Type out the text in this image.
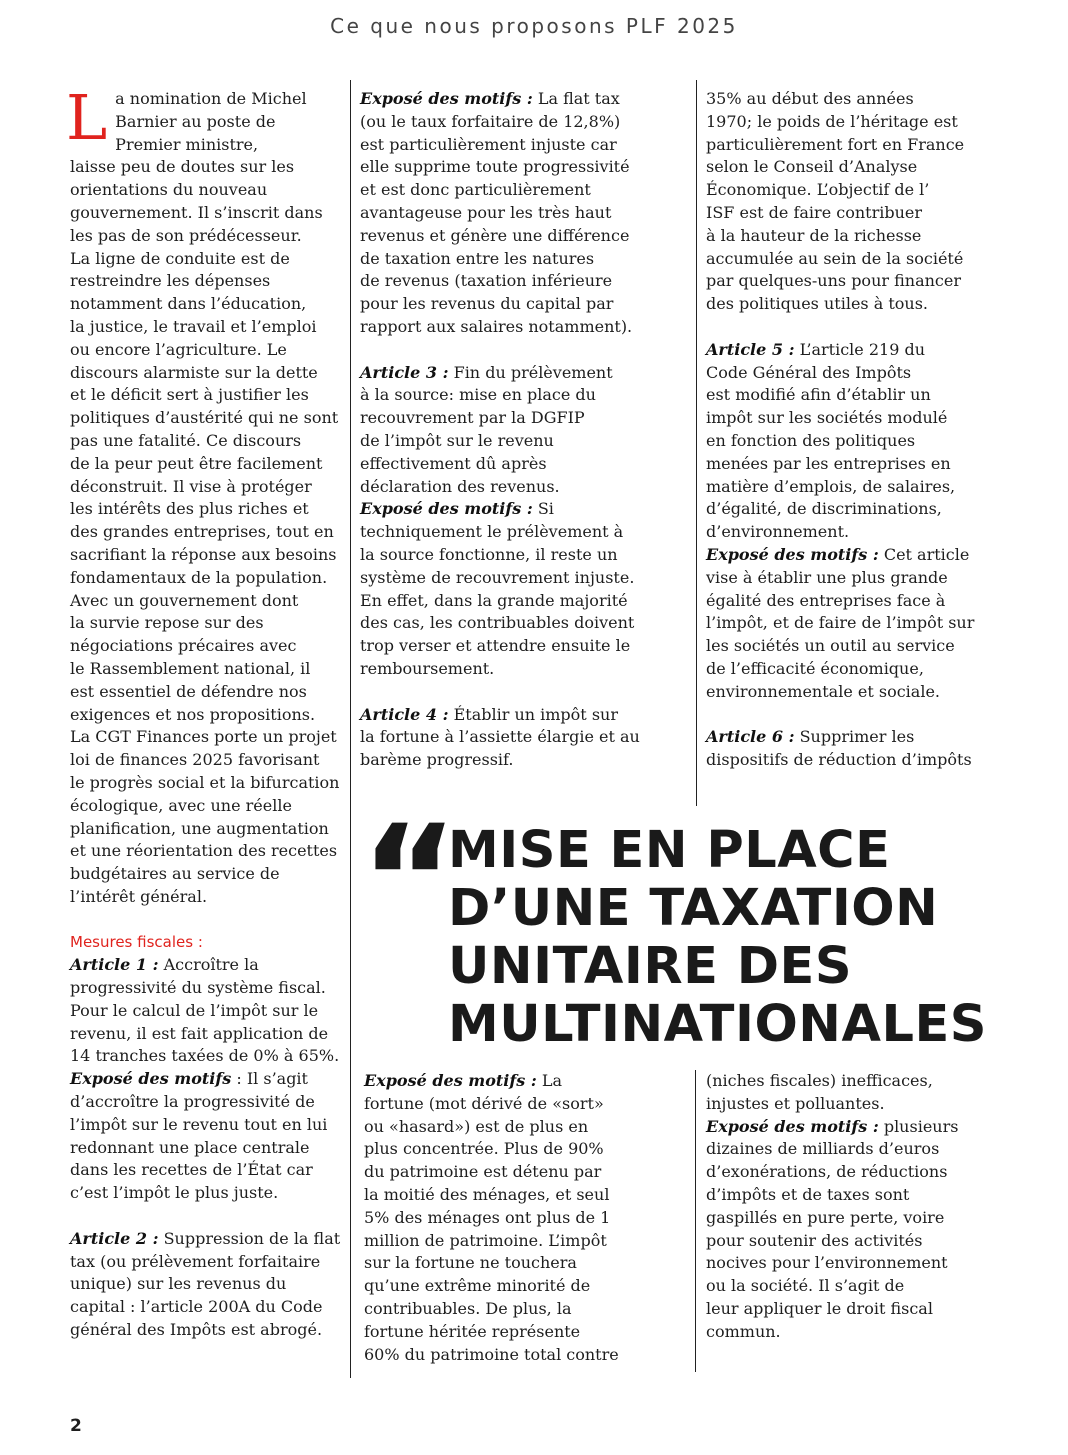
Ce que nous proposons PLF 2025
L a nomination de Michel

Barnier au poste de

Premier ministre,

laisse peu de doutes sur les

orientations du nouveau

gouvernement. Il s’inscrit dans

les pas de son prédécesseur.

La ligne de conduite est de

restreindre les dépenses

notamment dans l’éducation,

la justice, le travail et l’emploi

ou encore l’agriculture. Le

discours alarmiste sur la dette

et le déficit sert à justifier les

politiques d’austérité qui ne sont

pas une fatalité. Ce discours

de la peur peut être facilement

déconstruit. Il vise à protéger

les intérêts des plus riches et

des grandes entreprises, tout en

sacrifiant la réponse aux besoins

fondamentaux de la population.

Avec un gouvernement dont

la survie repose sur des

négociations précaires avec

le Rassemblement national, il

est essentiel de défendre nos

exigences et nos propositions.

La CGT Finances porte un projet

loi de finances 2025 favorisant

le progrès social et la bifurcation

écologique, avec une réelle

planification, une augmentation

et une réorientation des recettes

budgétaires au service de

l’intérêt général.

Mesures fiscales :

Article 1 : Accroître la

progressivité du système fiscal.

Pour le calcul de l’impôt sur le

revenu, il est fait application de

14 tranches taxées de 0% à 65%.

Exposé des motifs : Il s’agit

d’accroître la progressivité de

l’impôt sur le revenu tout en lui

redonnant une place centrale

dans les recettes de l’État car

c’est l’impôt le plus juste.

Article 2 : Suppression de la flat

tax (ou prélèvement forfaitaire

unique) sur les revenus du

capital : l’article 200A du Code

général des Impôts est abrogé.

Exposé des motifs : La flat tax

(ou le taux forfaitaire de 12,8%)

est particulièrement injuste car

elle supprime toute progressivité

et est donc particulièrement

avantageuse pour les très haut

revenus et génère une différence

de taxation entre les natures

de revenus (taxation inférieure

pour les revenus du capital par

rapport aux salaires notamment).

Article 3 : Fin du prélèvement

à la source: mise en place du

recouvrement par la DGFIP

de l’impôt sur le revenu

effectivement dû après

déclaration des revenus.

Exposé des motifs : Si

techniquement le prélèvement à

la source fonctionne, il reste un

système de recouvrement injuste.

En effet, dans la grande majorité

des cas, les contribuables doivent

trop verser et attendre ensuite le

remboursement.

Article 4 : Établir un impôt sur

la fortune à l’assiette élargie et au

barème progressif.

35% au début des années

1970; le poids de l’héritage est

particulièrement fort en France

selon le Conseil d’Analyse

Économique. L’objectif de l’

ISF est de faire contribuer

à la hauteur de la richesse

accumulée au sein de la société

par quelques-uns pour financer

des politiques utiles à tous.

Article 5 : L’article 219 du

Code Général des Impôts

est modifié afin d’établir un

impôt sur les sociétés modulé

en fonction des politiques

menées par les entreprises en

matière d’emplois, de salaires,

d’égalité, de discriminations,

d’environnement.

Exposé des motifs : Cet article

vise à établir une plus grande

égalité des entreprises face à

l’impôt, et de faire de l’impôt sur

les sociétés un outil au service

de l’efficacité économique,

environnementale et sociale.

Article 6 : Supprimer les

dispositifs de réduction d’impôts

“
MISE EN PLACE
D’UNE TAXATION
UNITAIRE DES
MULTINATIONALES

Exposé des motifs : La

fortune (mot dérivé de «sort»

ou «hasard») est de plus en

plus concentrée. Plus de 90%

du patrimoine est détenu par

la moitié des ménages, et seul

5% des ménages ont plus de 1

million de patrimoine. L’impôt

sur la fortune ne touchera

qu’une extrême minorité de

contribuables. De plus, la

fortune héritée représente

60% du patrimoine total contre

(niches fiscales) inefficaces,

injustes et polluantes.

Exposé des motifs : plusieurs

dizaines de milliards d’euros

d’exonérations, de réductions

d’impôts et de taxes sont

gaspillés en pure perte, voire

pour soutenir des activités

nocives pour l’environnement

ou la société. Il s’agit de

leur appliquer le droit fiscal

commun.

2
